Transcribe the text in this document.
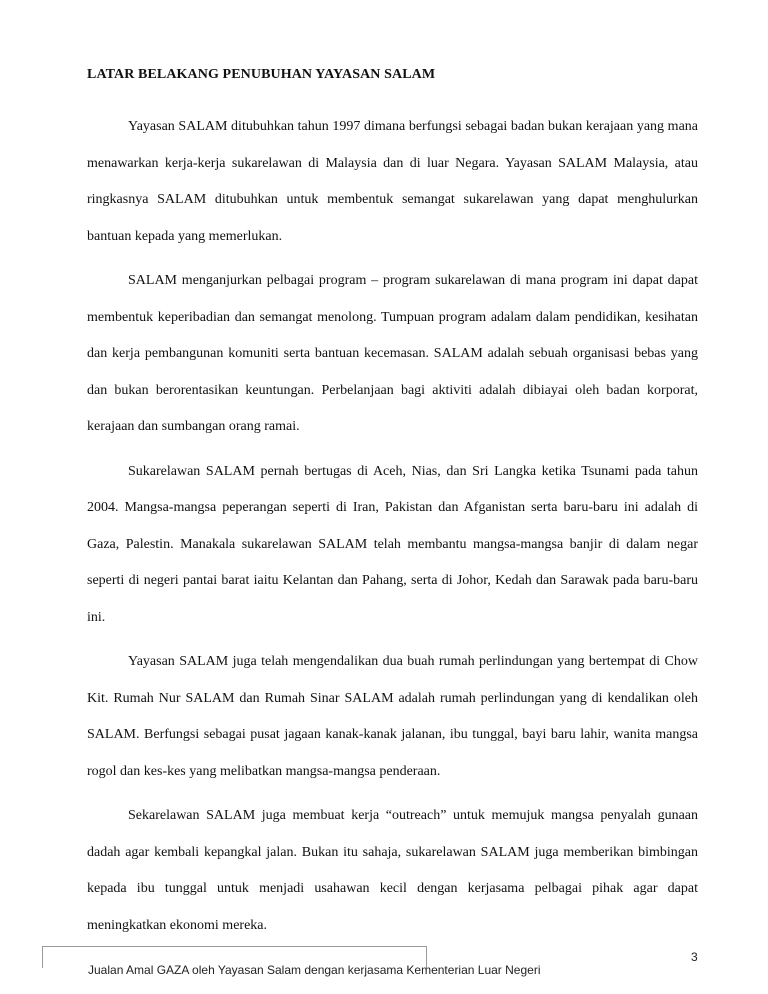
LATAR BELAKANG PENUBUHAN YAYASAN SALAM

Yayasan SALAM ditubuhkan tahun 1997 dimana berfungsi sebagai badan bukan kerajaan yang mana menawarkan kerja-kerja sukarelawan di Malaysia dan di luar Negara. Yayasan SALAM Malaysia, atau ringkasnya SALAM ditubuhkan untuk membentuk semangat sukarelawan yang dapat menghulurkan bantuan kepada yang memerlukan.

SALAM menganjurkan pelbagai program – program sukarelawan di mana program ini dapat dapat membentuk keperibadian dan semangat menolong. Tumpuan program adalam dalam pendidikan, kesihatan dan kerja pembangunan komuniti serta bantuan kecemasan. SALAM adalah sebuah organisasi bebas yang dan bukan berorentasikan keuntungan. Perbelanjaan bagi aktiviti adalah dibiayai oleh badan korporat, kerajaan dan sumbangan orang ramai.

Sukarelawan SALAM pernah bertugas di Aceh, Nias, dan Sri Langka ketika Tsunami pada tahun 2004. Mangsa-mangsa peperangan seperti di Iran, Pakistan dan Afganistan serta baru-baru ini adalah di Gaza, Palestin. Manakala sukarelawan SALAM telah membantu mangsa-mangsa banjir di dalam negar seperti di negeri pantai barat iaitu Kelantan dan Pahang, serta di Johor, Kedah dan Sarawak pada baru-baru ini.

Yayasan SALAM juga telah mengendalikan dua buah rumah perlindungan yang bertempat di Chow Kit. Rumah Nur SALAM dan Rumah Sinar SALAM adalah rumah perlindungan yang di kendalikan oleh SALAM. Berfungsi sebagai pusat jagaan kanak-kanak jalanan, ibu tunggal, bayi baru lahir, wanita mangsa rogol dan kes-kes yang melibatkan mangsa-mangsa penderaan.

Sekarelawan SALAM juga membuat kerja “outreach” untuk memujuk mangsa penyalah gunaan dadah agar kembali kepangkal jalan. Bukan itu sahaja, sukarelawan SALAM juga memberikan bimbingan kepada ibu tunggal untuk menjadi usahawan kecil dengan kerjasama pelbagai pihak agar dapat meningkatkan ekonomi mereka.

Jualan Amal GAZA oleh Yayasan Salam dengan kerjasama Kementerian Luar Negeri
3
